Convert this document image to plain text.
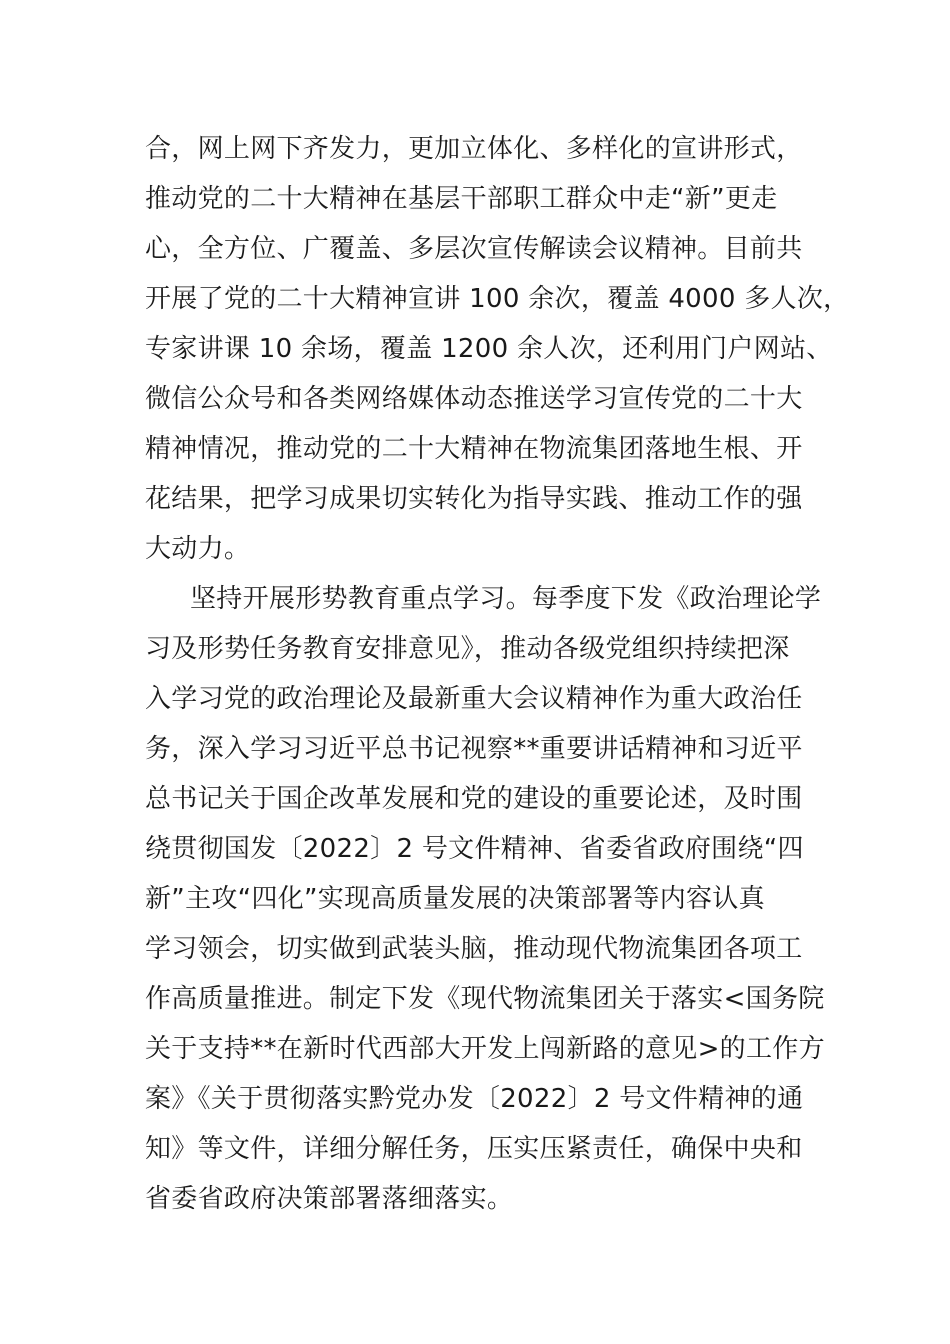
合，网上网下齐发力，更加立体化、多样化的宣讲形式，
推动党的二十大精神在基层干部职工群众中走“新”更走
心，全方位、广覆盖、多层次宣传解读会议精神。目前共
开展了党的二十大精神宣讲 100 余次，覆盖 4000 多人次，
专家讲课 10 余场，覆盖 1200 余人次，还利用门户网站、
微信公众号和各类网络媒体动态推送学习宣传党的二十大
精神情况，推动党的二十大精神在物流集团落地生根、开
花结果，把学习成果切实转化为指导实践、推动工作的强
大动力。
坚持开展形势教育重点学习。每季度下发《政治理论学
习及形势任务教育安排意见》，推动各级党组织持续把深
入学习党的政治理论及最新重大会议精神作为重大政治任
务，深入学习习近平总书记视察**重要讲话精神和习近平
总书记关于国企改革发展和党的建设的重要论述，及时围
绕贯彻国发〔2022〕2 号文件精神、省委省政府围绕“四
新”主攻“四化”实现高质量发展的决策部署等内容认真
学习领会，切实做到武装头脑，推动现代物流集团各项工
作高质量推进。制定下发《现代物流集团关于落实<国务院
关于支持**在新时代西部大开发上闯新路的意见>的工作方
案》《关于贯彻落实黔党办发〔2022〕2 号文件精神的通
知》等文件，详细分解任务，压实压紧责任，确保中央和
省委省政府决策部署落细落实。
